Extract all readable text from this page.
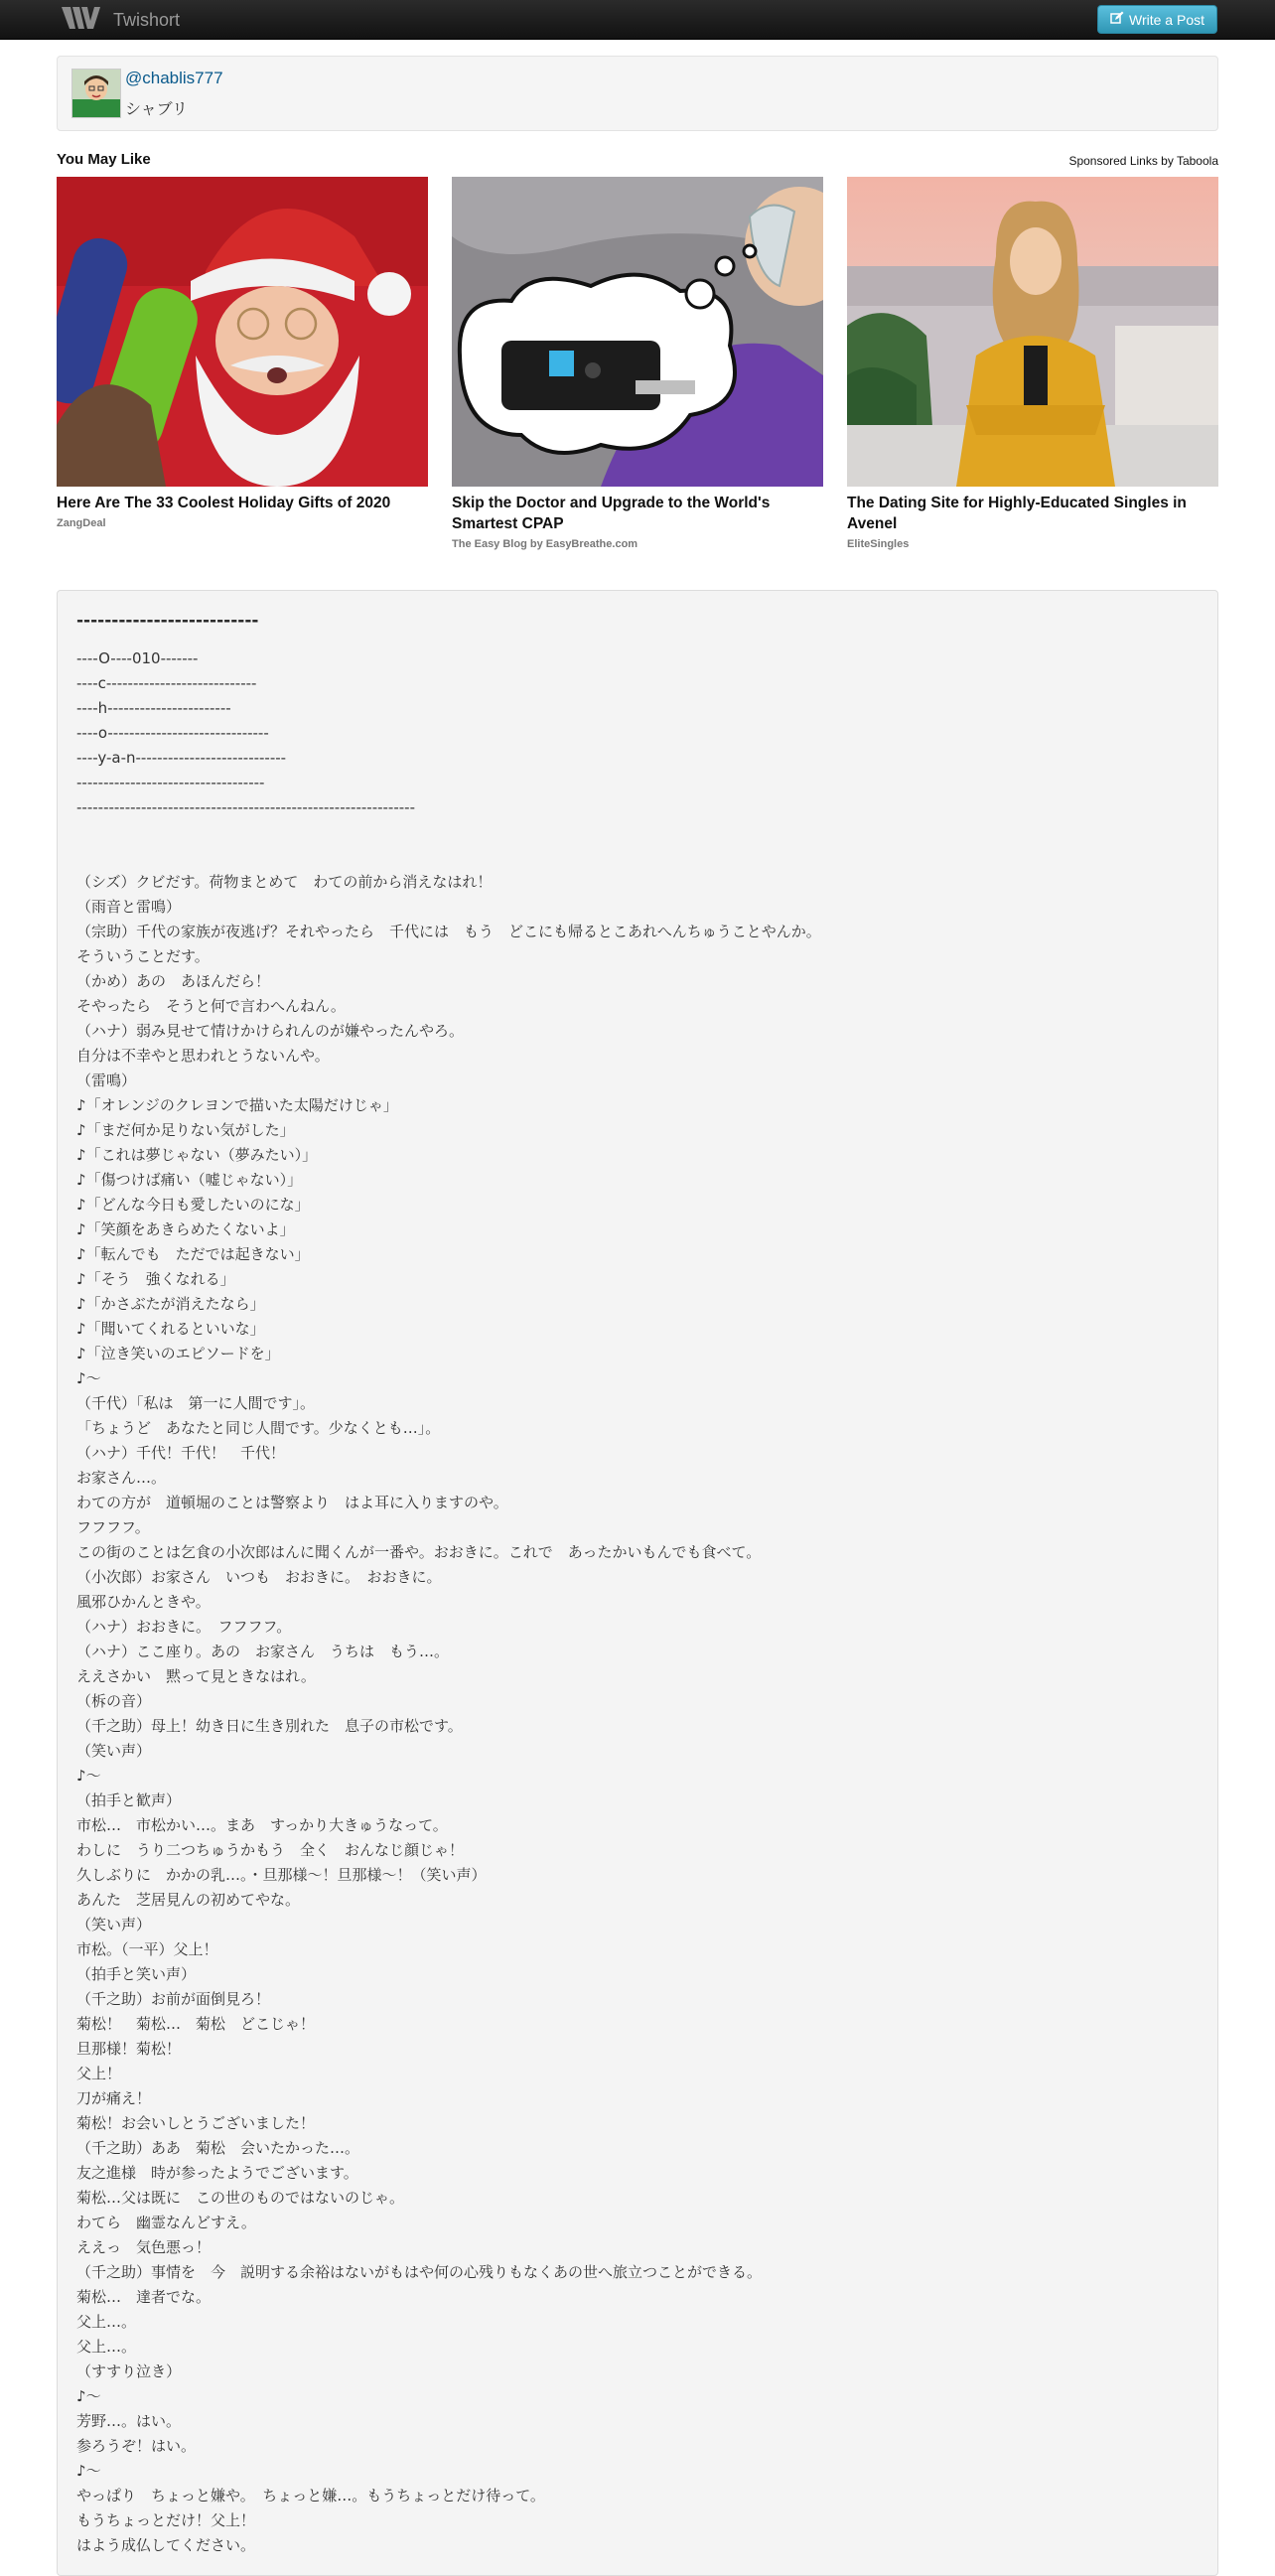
Twishort	Write a Post
@chablis777
シャブリ
You May Like	Sponsored Links by Taboola
Here Are The 33 Coolest Holiday Gifts of 2020
ZangDeal
Skip the Doctor and Upgrade to the World's Smartest CPAP
The Easy Blog by EasyBreathe.com
The Dating Site for Highly-Educated Singles in Avenel
EliteSingles
--------------------------
----O----010-------
----c----------------------------
----h-----------------------
----o------------------------------
----y-a-n----------------------------
-----------------------------------
---------------------------------------------------------------
（シズ）クビだす。荷物まとめて　わての前から消えなはれ！
（雨音と雷鳴）
（宗助）千代の家族が夜逃げ？それやったら　千代には　もう　どこにも帰るとこあれへんちゅうことやんか。
そういうことだす。
（かめ）あの　あほんだら！
そやったら　そうと何で言わへんねん。
（ハナ）弱み見せて情けかけられんのが嫌やったんやろ。
自分は不幸やと思われとうないんや。
（雷鳴）
♪「オレンジのクレヨンで描いた太陽だけじゃ」
♪「まだ何か足りない気がした」
♪「これは夢じゃない（夢みたい）」
♪「傷つけば痛い（嘘じゃない）」
♪「どんな今日も愛したいのにな」
♪「笑顔をあきらめたくないよ」
♪「転んでも　ただでは起きない」
♪「そう　強くなれる」
♪「かさぶたが消えたなら」
♪「聞いてくれるといいな」
♪「泣き笑いのエピソードを」
♪～
（千代）「私は　第一に人間です」。
「ちょうど　あなたと同じ人間です。少なくとも…」。
（ハナ）千代！千代！　千代！
お家さん…。
わての方が　道頓堀のことは警察より　はよ耳に入りますのや。
フフフフ。
この街のことは乞食の小次郎はんに聞くんが一番や。おおきに。これで　あったかいもんでも食べて。
（小次郎）お家さん　いつも　おおきに。　おおきに。
風邪ひかんときや。
（ハナ）おおきに。　フフフフ。
（ハナ）ここ座り。あの　お家さん　うちは　もう…。
ええさかい　黙って見ときなはれ。
（柝の音）
（千之助）母上！幼き日に生き別れた　息子の市松です。
（笑い声）
♪～
（拍手と歓声）
市松…　市松かい…。まあ　すっかり大きゅうなって。
わしに　うり二つちゅうかもう　全く　おんなじ顔じゃ！
久しぶりに　かかの乳…。・旦那様～！旦那様～！（笑い声）
あんた　芝居見んの初めてやな。
（笑い声）
市松。（一平）父上！
（拍手と笑い声）
（千之助）お前が面倒見ろ！
菊松！　菊松…　菊松　どこじゃ！
旦那様！菊松！
父上！
刀が痛え！
菊松！お会いしとうございました！
（千之助）ああ　菊松　会いたかった…。
友之進様　時が参ったようでございます。
菊松…父は既に　この世のものではないのじゃ。
わてら　幽霊なんどすえ。
ええっ　気色悪っ！
（千之助）事情を　今　説明する余裕はないがもはや何の心残りもなくあの世へ旅立つことができる。
菊松…　達者でな。
父上…。
父上…。
（すすり泣き）
♪～
芳野…。はい。
参ろうぞ！はい。
♪～
やっぱり　ちょっと嫌や。　ちょっと嫌…。もうちょっとだけ待って。
もうちょっとだけ！父上！
はよう成仏してください。
